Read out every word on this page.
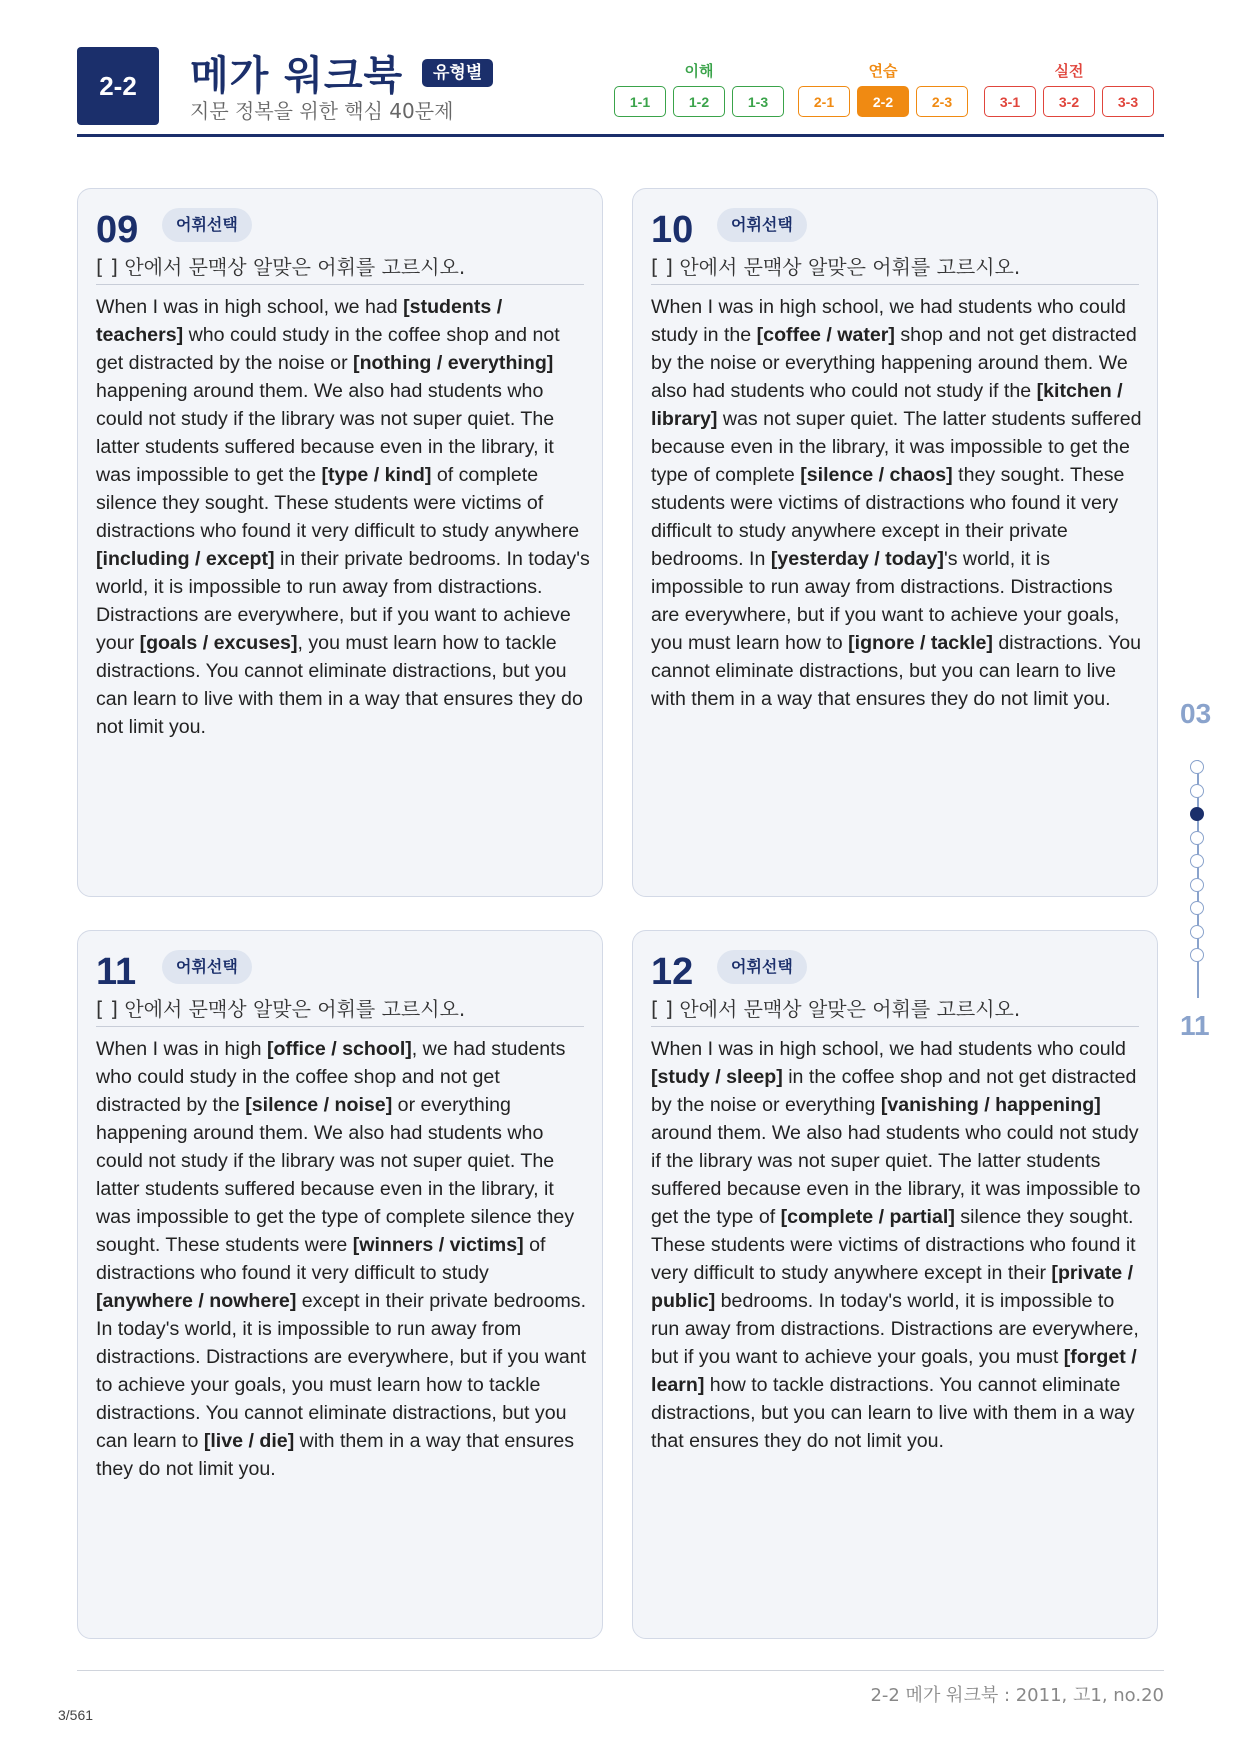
2-2	메가 워크북	유형별
지문 정복을 위한 핵심 40문제
이해
1-1	1-2	1-3
연습
2-1	2-2	2-3
실전
3-1	3-2	3-3
09	어휘선택
[ ] 안에서 문맥상 알맞은 어휘를 고르시오.
When I was in high school, we had [students / teachers] who could study in the coffee shop and not get distracted by the noise or [nothing / everything] happening around them. We also had students who could not study if the library was not super quiet. The latter students suffered because even in the library, it was impossible to get the [type / kind] of complete silence they sought. These students were victims of distractions who found it very difficult to study anywhere [including / except] in their private bedrooms. In today's world, it is impossible to run away from distractions. Distractions are everywhere, but if you want to achieve your [goals / excuses], you must learn how to tackle distractions. You cannot eliminate distractions, but you can learn to live with them in a way that ensures they do not limit you.
10	어휘선택
[ ] 안에서 문맥상 알맞은 어휘를 고르시오.
When I was in high school, we had students who could study in the [coffee / water] shop and not get distracted by the noise or everything happening around them. We also had students who could not study if the [kitchen / library] was not super quiet. The latter students suffered because even in the library, it was impossible to get the type of complete [silence / chaos] they sought. These students were victims of distractions who found it very difficult to study anywhere except in their private bedrooms. In [yesterday / today]'s world, it is impossible to run away from distractions. Distractions are everywhere, but if you want to achieve your goals, you must learn how to [ignore / tackle] distractions. You cannot eliminate distractions, but you can learn to live with them in a way that ensures they do not limit you.
11	어휘선택
[ ] 안에서 문맥상 알맞은 어휘를 고르시오.
When I was in high [office / school], we had students who could study in the coffee shop and not get distracted by the [silence / noise] or everything happening around them. We also had students who could not study if the library was not super quiet. The latter students suffered because even in the library, it was impossible to get the type of complete silence they sought. These students were [winners / victims] of distractions who found it very difficult to study [anywhere / nowhere] except in their private bedrooms. In today's world, it is impossible to run away from distractions. Distractions are everywhere, but if you want to achieve your goals, you must learn how to tackle distractions. You cannot eliminate distractions, but you can learn to [live / die] with them in a way that ensures they do not limit you.
12	어휘선택
[ ] 안에서 문맥상 알맞은 어휘를 고르시오.
When I was in high school, we had students who could [study / sleep] in the coffee shop and not get distracted by the noise or everything [vanishing / happening] around them. We also had students who could not study if the library was not super quiet. The latter students suffered because even in the library, it was impossible to get the type of [complete / partial] silence they sought. These students were victims of distractions who found it very difficult to study anywhere except in their [private / public] bedrooms. In today's world, it is impossible to run away from distractions. Distractions are everywhere, but if you want to achieve your goals, you must [forget / learn] how to tackle distractions. You cannot eliminate distractions, but you can learn to live with them in a way that ensures they do not limit you.
03
11
2-2 메가 워크북 : 2011, 고1, no.20
3/561
